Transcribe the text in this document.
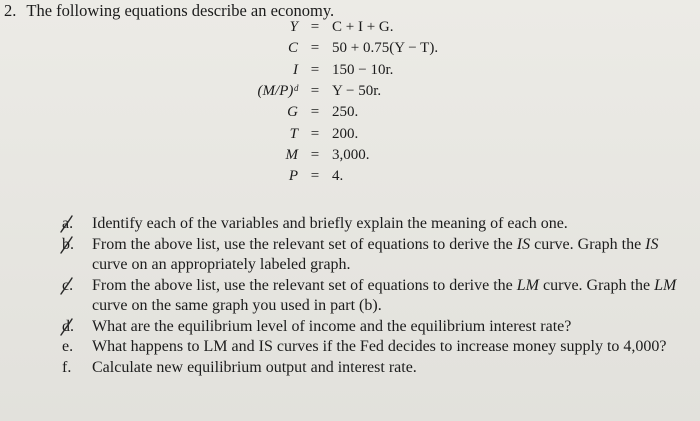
2. The following equations describe an economy.
Y	=	C + I + G.
C	=	50 + 0.75(Y − T).
I	=	150 − 10r.
(M/P)ᵈ	=	Y − 50r.
G	=	250.
T	=	200.
M	=	3,000.
P	=	4.
a.	Identify each of the variables and briefly explain the meaning of each one.
b.	From the above list, use the relevant set of equations to derive the IS curve. Graph the IS curve on an appropriately labeled graph.
c.	From the above list, use the relevant set of equations to derive the LM curve. Graph the LM curve on the same graph you used in part (b).
d.	What are the equilibrium level of income and the equilibrium interest rate?
e.	What happens to LM and IS curves if the Fed decides to increase money supply to 4,000?
f.	Calculate new equilibrium output and interest rate.
